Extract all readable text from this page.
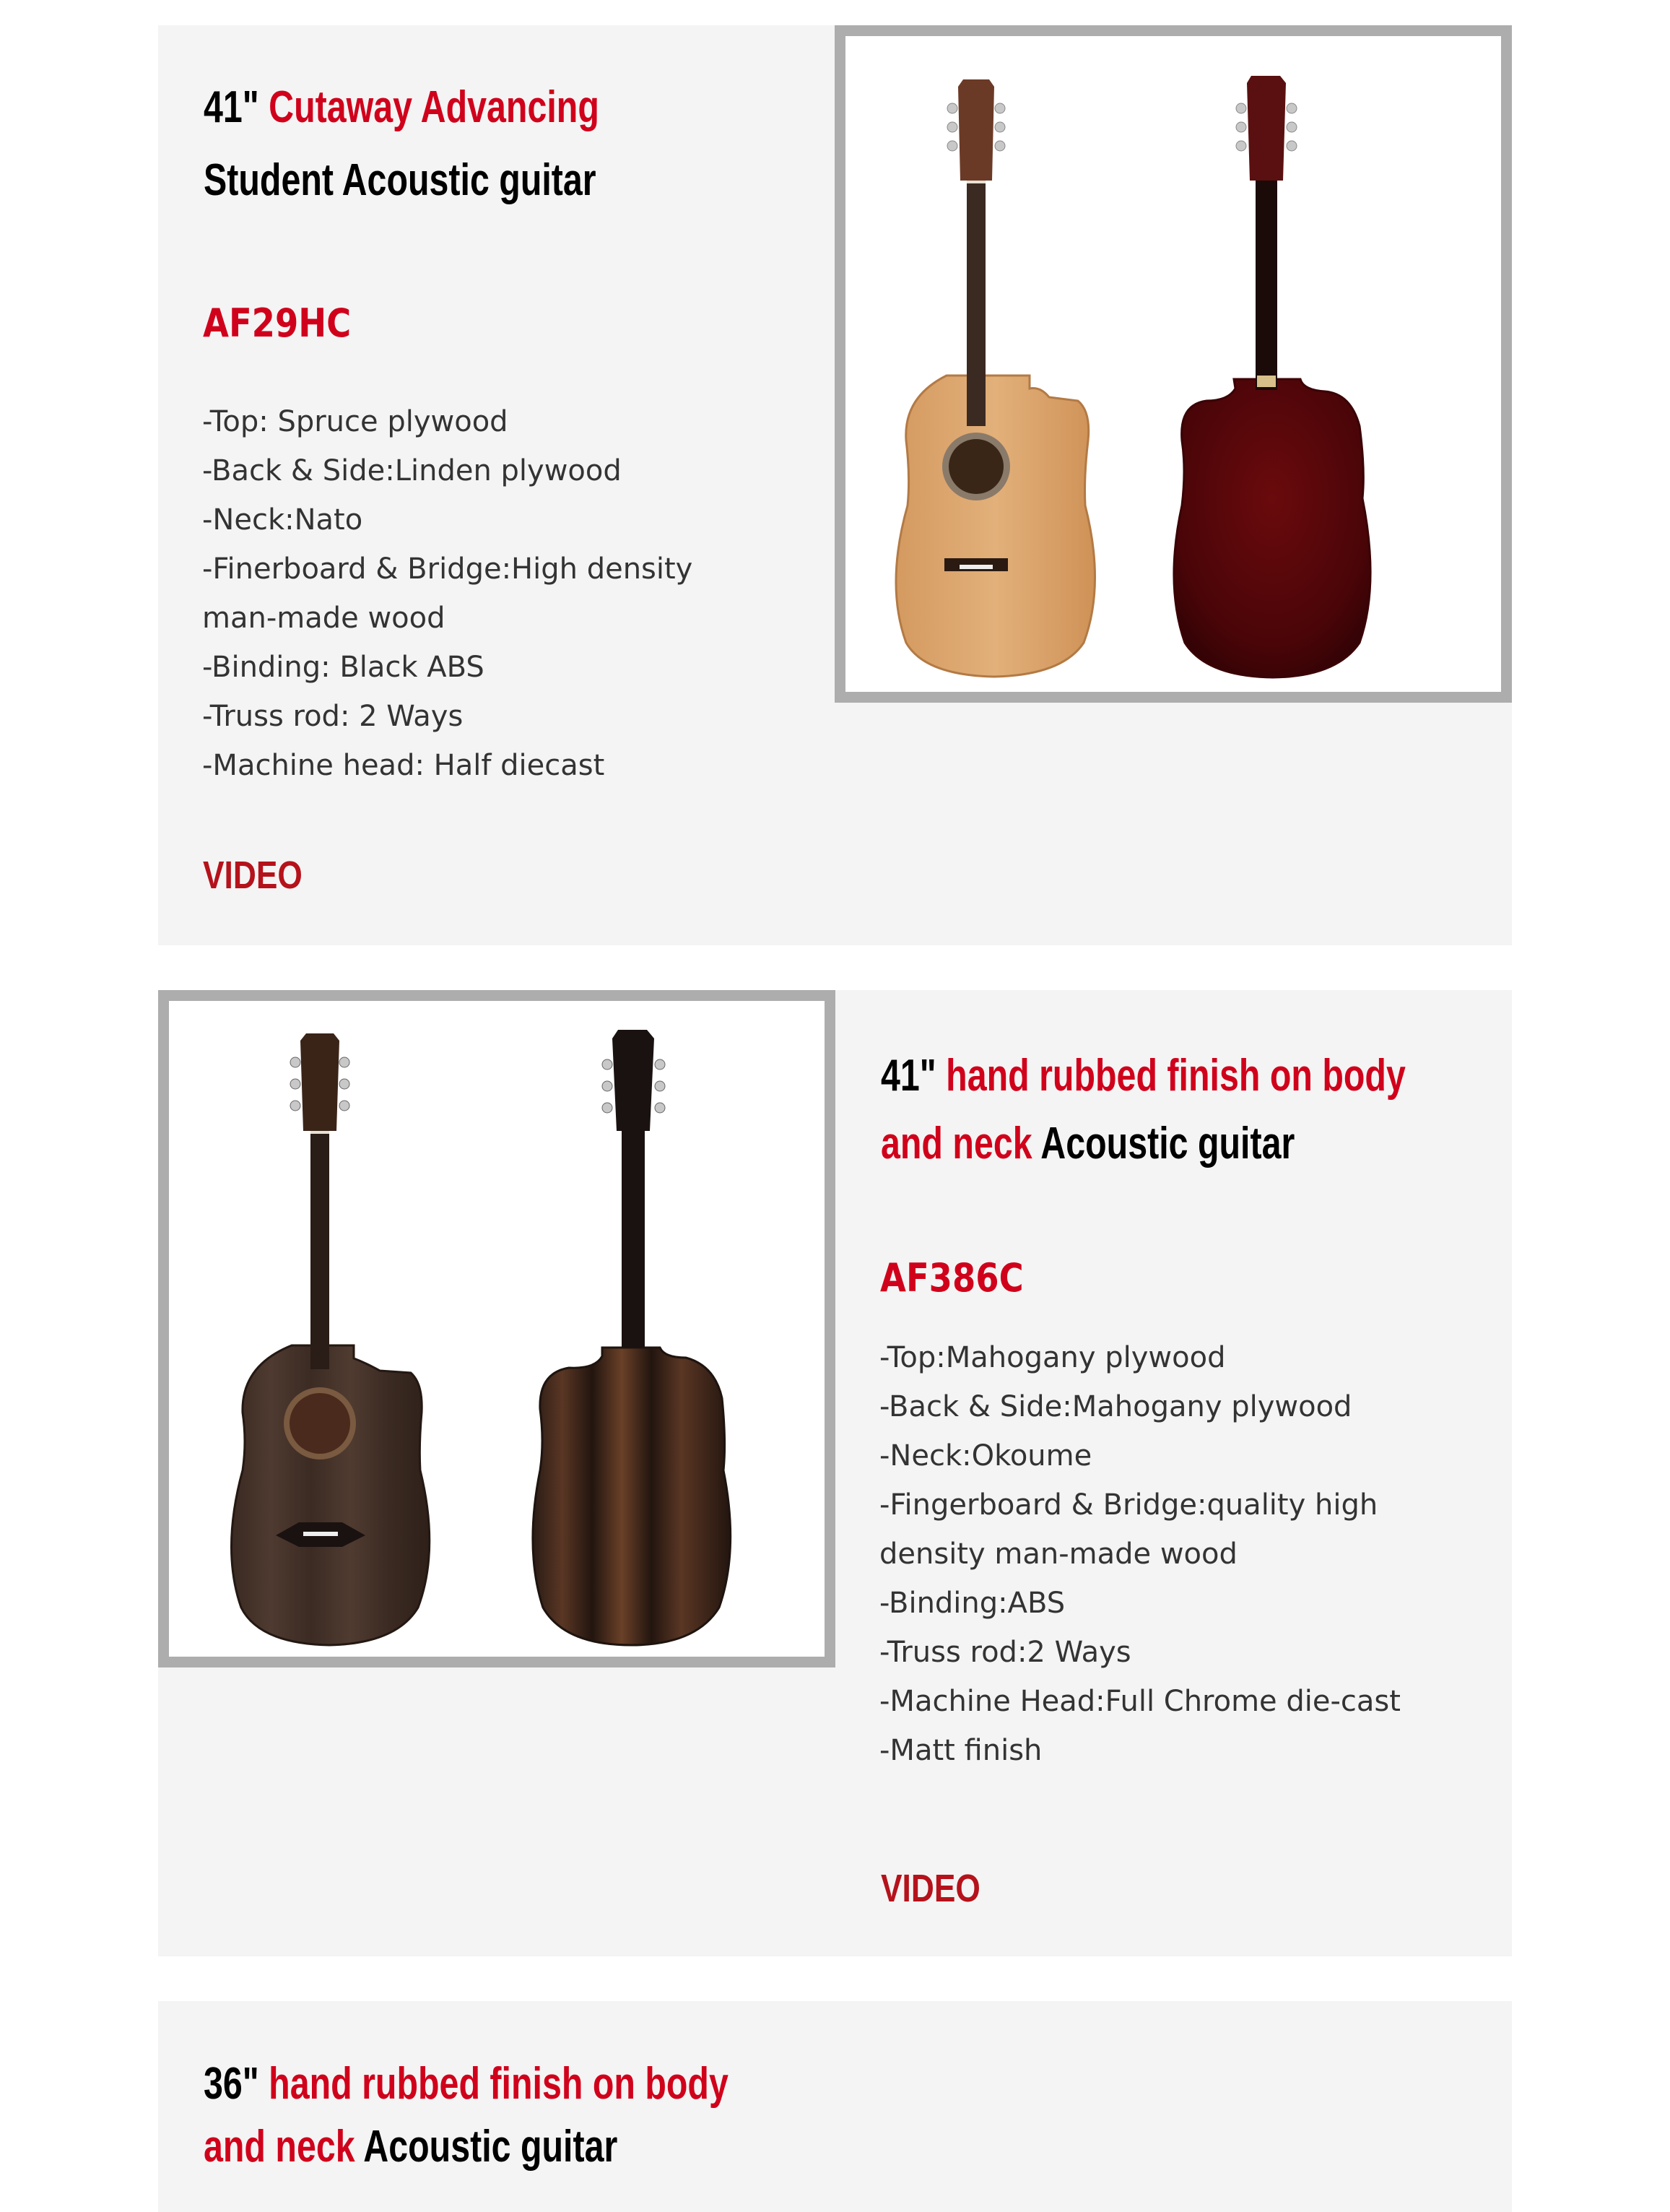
41" Cutaway Advancing
Student Acoustic guitar
AF29HC
-Top: Spruce plywood
-Back & Side:Linden plywood
-Neck:Nato
-Finerboard & Bridge:High density
man-made wood
-Binding: Black ABS
-Truss rod: 2 Ways
-Machine head: Half diecast
VIDEO
41" hand rubbed finish on body
and neck Acoustic guitar
AF386C
-Top:Mahogany plywood
-Back & Side:Mahogany plywood
-Neck:Okoume
-Fingerboard & Bridge:quality high
density man-made wood
-Binding:ABS
-Truss rod:2 Ways
-Machine Head:Full Chrome die-cast
-Matt finish
VIDEO
36" hand rubbed finish on body
and neck Acoustic guitar
